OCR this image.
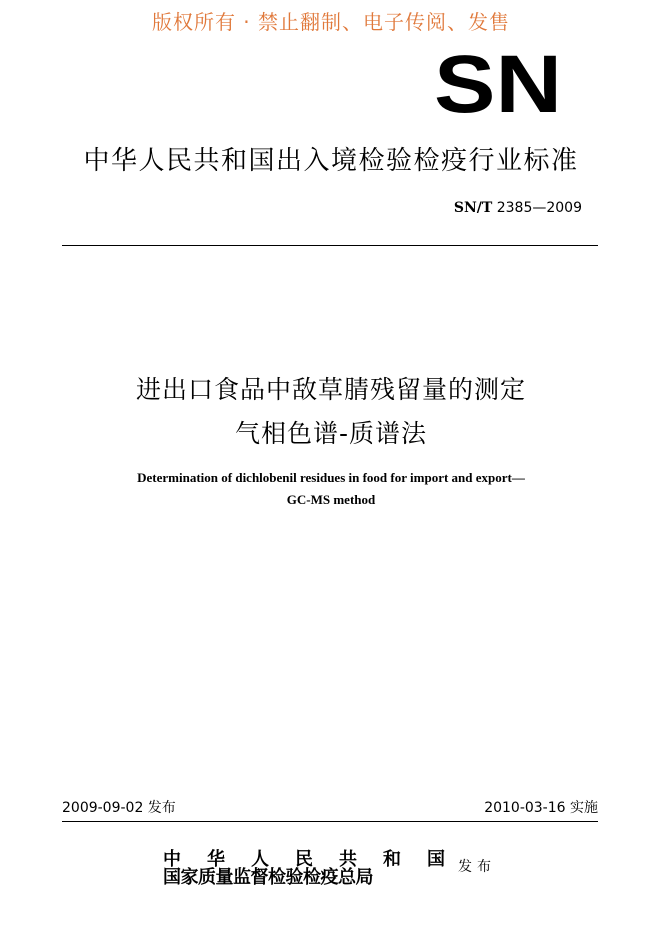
版权所有 · 禁止翻制、电子传阅、发售
SN
中华人民共和国出入境检验检疫行业标准
SN/T 2385—2009
进出口食品中敌草腈残留量的测定
气相色谱-质谱法
Determination of dichlobenil residues in food for import and export—
GC-MS method
2009-09-02 发布	2010-03-16 实施
中华人民共和国
国家质量监督检验检疫总局	发布
